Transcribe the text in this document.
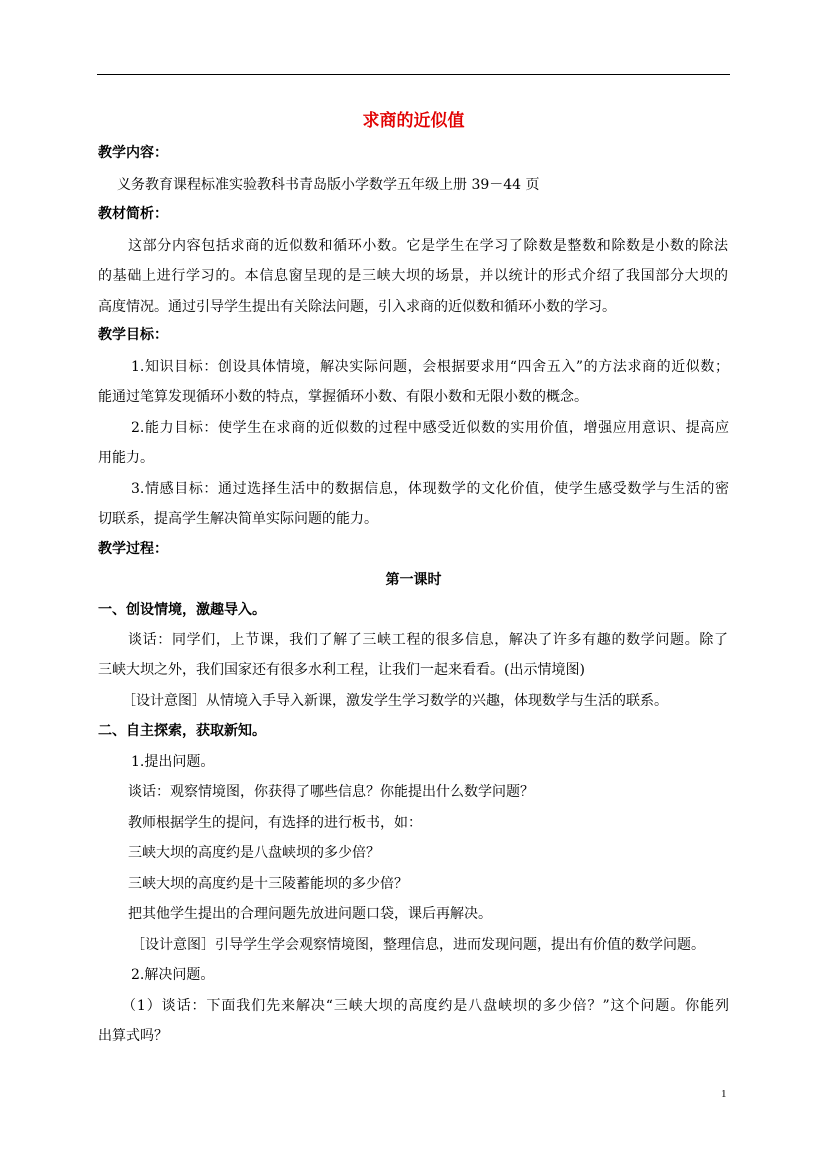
求商的近似值
教学内容：
义务教育课程标准实验教科书青岛版小学数学五年级上册 39－44 页
教材简析：
这部分内容包括求商的近似数和循环小数。它是学生在学习了除数是整数和除数是小数的除法
的基础上进行学习的。本信息窗呈现的是三峡大坝的场景，并以统计的形式介绍了我国部分大坝的
高度情况。通过引导学生提出有关除法问题，引入求商的近似数和循环小数的学习。
教学目标：
1.知识目标：创设具体情境，解决实际问题，会根据要求用“四舍五入”的方法求商的近似数；
能通过笔算发现循环小数的特点，掌握循环小数、有限小数和无限小数的概念。
2.能力目标：使学生在求商的近似数的过程中感受近似数的实用价值，增强应用意识、提高应
用能力。
3.情感目标：通过选择生活中的数据信息，体现数学的文化价值，使学生感受数学与生活的密
切联系，提高学生解决简单实际问题的能力。
教学过程：
第一课时
一、创设情境，激趣导入。
谈话：同学们，上节课，我们了解了三峡工程的很多信息，解决了许多有趣的数学问题。除了
三峡大坝之外，我们国家还有很多水利工程，让我们一起来看看。(出示情境图)
［设计意图］从情境入手导入新课，激发学生学习数学的兴趣，体现数学与生活的联系。
二、自主探索，获取新知。
1.提出问题。
谈话：观察情境图，你获得了哪些信息？你能提出什么数学问题？
教师根据学生的提问，有选择的进行板书，如：
三峡大坝的高度约是八盘峡坝的多少倍？
三峡大坝的高度约是十三陵蓄能坝的多少倍？
把其他学生提出的合理问题先放进问题口袋，课后再解决。
［设计意图］引导学生学会观察情境图，整理信息，进而发现问题，提出有价值的数学问题。
2.解决问题。
（1）谈话：下面我们先来解决“三峡大坝的高度约是八盘峡坝的多少倍？”这个问题。你能列
出算式吗？
1
